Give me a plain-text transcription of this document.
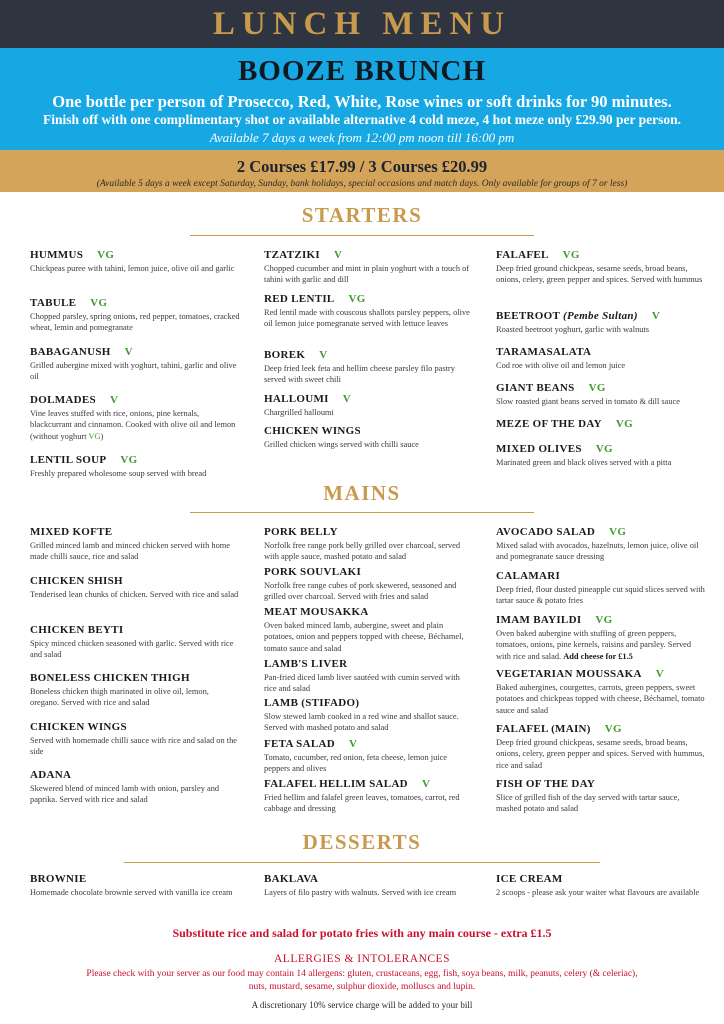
LUNCH MENU
BOOZE BRUNCH
One bottle per person of Prosecco, Red, White, Rose wines or soft drinks for 90 minutes.
Finish off with one complimentary shot or available alternative 4 cold meze, 4 hot meze only £29.90 per person.
Available 7 days a week from 12:00 pm noon till 16:00 pm
2 Courses £17.99 / 3 Courses £20.99
(Available 5 days a week except Saturday, Sunday, bank holidays, special occasions and match days. Only available for groups of 7 or less)
STARTERS
HUMMUS VG
Chickpeas puree with tahini, lemon juice, olive oil and garlic
TABULE VG
Chopped parsley, spring onions, red pepper, tomatoes, cracked wheat, lemin and pomegranate
BABAGANUSH V
Grilled aubergine mixed with yoghurt, tahini, garlic and olive oil
DOLMADES V
Vine leaves stuffed with rice, onions, pine kernals, blackcurrant and cinnamon. Cooked with olive oil and lemon (without yoghurt VG)
LENTIL SOUP VG
Freshly prepared wholesome soup served with bread
TZATZIKI V
Chopped cucumber and mint in plain yoghurt with a touch of tahini with garlic and dill
RED LENTIL VG
Red lentil made with couscous shallots parsley peppers, olive oil lemon juice pomegranate served with lettuce leaves
BOREK V
Deep fried leek feta and hellim cheese parsley filo pastry served with sweet chili
HALLOUMI V
Chargrilled halloumi
CHICKEN WINGS
Grilled chicken wings served with chilli sauce
FALAFEL VG
Deep fried ground chickpeas, sesame seeds, broad beans, onions, celery, green pepper and spices. Served with hummus
BEETROOT (Pembe Sultan) V
Roasted beetroot yoghurt, garlic with walnuts
TARAMASALATA
Cod roe with olive oil and lemon juice
GIANT BEANS VG
Slow roasted giant beans served in tomato & dill sauce
MEZE OF THE DAY VG
MIXED OLIVES VG
Marinated green and black olives served with a pitta
MAINS
MIXED KOFTE
Grilled minced lamb and minced chicken served with home made chilli sauce, rice and salad
CHICKEN SHISH
Tenderised lean chunks of chicken. Served with rice and salad
CHICKEN BEYTI
Spicy minced chicken seasoned with garlic. Served with rice and salad
BONELESS CHICKEN THIGH
Boneless chicken thigh marinated in olive oil, lemon, oregano. Served with rice and salad
CHICKEN WINGS
Served with homemade chilli sauce with rice and salad on the side
ADANA
Skewered blend of minced lamb with onion, parsley and paprika. Served with rice and salad
PORK BELLY
Norfolk free range pork belly grilled over charcoal, served with apple sauce, mashed potato and salad
PORK SOUVLAKI
Norfolk free range cubes of pork skewered, seasoned and grilled over charcoal. Served with fries and salad
MEAT MOUSAKKA
Oven baked minced lamb, aubergine, sweet and plain potatoes, onion and peppers topped with cheese, Béchamel, tomato sauce and salad
LAMB'S LIVER
Pan-fried diced lamb liver sautéed with cumin served with rice and salad
LAMB (STIFADO)
Slow stewed lamb cooked in a red wine and shallot sauce. Served with mashed potato and salad
FETA SALAD V
Tomato, cucumber, red onion, feta cheese, lemon juice peppers and olives
FALAFEL HELLIM SALAD V
Fried hellim and falafel green leaves, tomatoes, carrot, red cabbage and dressing
AVOCADO SALAD VG
Mixed salad with avocados, hazelnuts, lemon juice, olive oil and pomegranate sauce dressing
CALAMARI
Deep fried, flour dusted pineapple cut squid slices served with tartar sauce & potato fries
IMAM BAYILDI VG
Oven baked aubergine with stuffing of green peppers, tomatoes, onions, pine kernels, raisins and parsley. Served with rice and salad. Add cheese for £1.5
VEGETARIAN MOUSSAKA V
Baked aubergines, courgettes, carrots, green peppers, sweet potatoes and chickpeas topped with cheese, Béchamel, tomato sauce and salad
FALAFEL (MAIN) VG
Deep fried ground chickpeas, sesame seeds, broad beans, onions, celery, green pepper and spices. Served with hummus, rice and salad
FISH OF THE DAY
Slice of grilled fish of the day served with tartar sauce, mashed potato and salad
DESSERTS
BROWNIE
Homemade chocolate brownie served with vanilla ice cream
BAKLAVA
Layers of filo pastry with walnuts. Served with ice cream
ICE CREAM
2 scoops - please ask your waiter what flavours are available
Substitute rice and salad for potato fries with any main course - extra £1.5
ALLERGIES & INTOLERANCES
Please check with your server as our food may contain 14 allergens: gluten, crustaceans, egg, fish, soya beans, milk, peanuts, celery (& celeriac), nuts, mustard, sesame, sulphur dioxide, molluscs and lupin.
A discretionary 10% service charge will be added to your bill
